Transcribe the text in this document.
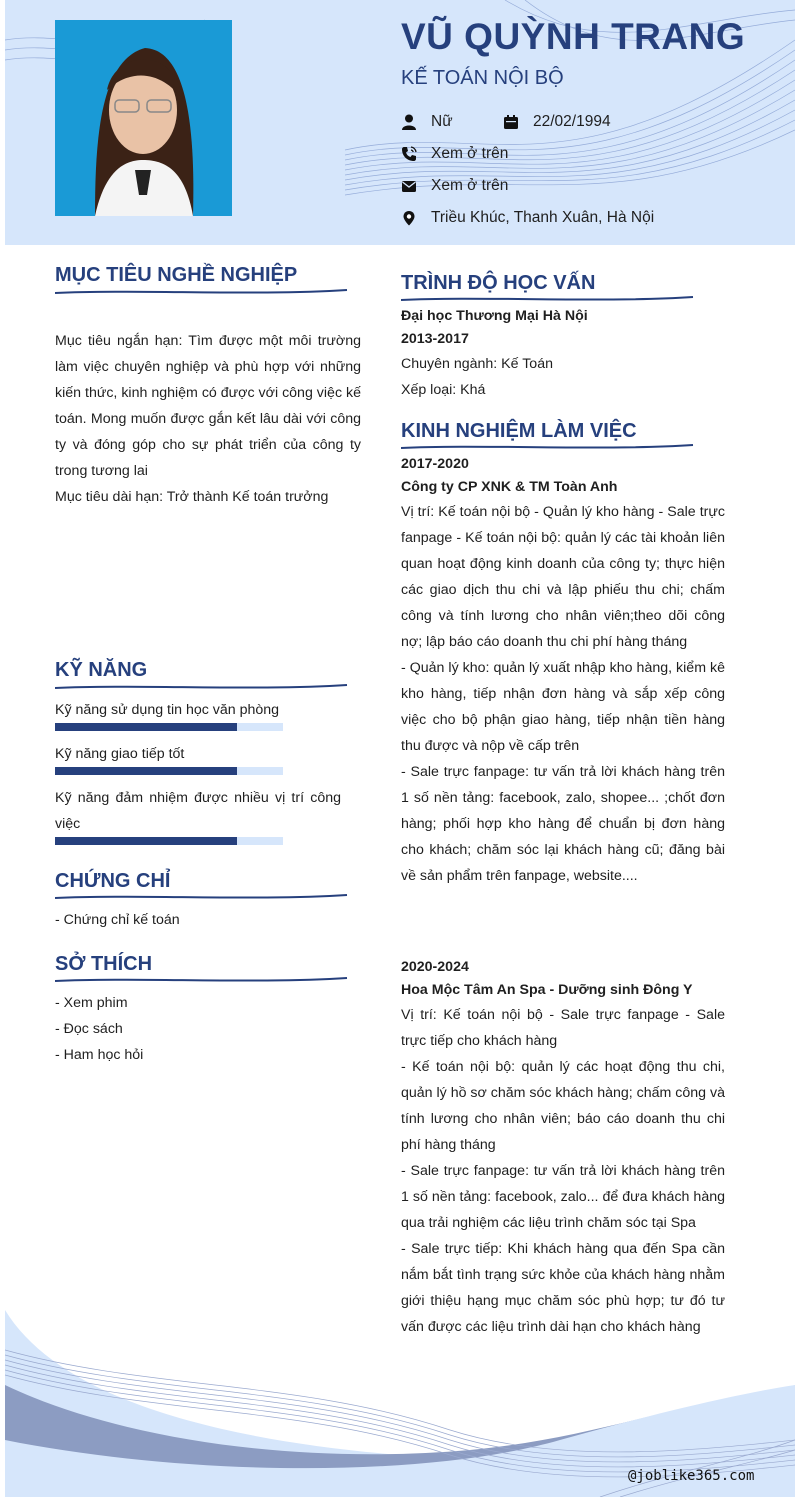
VŨ QUỲNH TRANG
KẾ TOÁN NỘI BỘ
Nữ	22/02/1994
Xem ở trên
Xem ở trên
Triều Khúc, Thanh Xuân, Hà Nội
MỤC TIÊU NGHỀ NGHIỆP
Mục tiêu ngắn hạn: Tìm được một môi trường làm việc chuyên nghiệp và phù hợp với những kiến thức, kinh nghiệm có được với công việc kế toán. Mong muốn được gắn kết lâu dài với công ty và đóng góp cho sự phát triển của công ty trong tương lai
Mục tiêu dài hạn: Trở thành Kế toán trưởng
KỸ NĂNG
Kỹ năng sử dụng tin học văn phòng
Kỹ năng giao tiếp tốt
Kỹ năng đảm nhiệm được nhiều vị trí công việc
CHỨNG CHỈ
- Chứng chỉ kế toán
SỞ THÍCH
- Xem phim
- Đọc sách
- Ham học hỏi
TRÌNH ĐỘ HỌC VẤN
Đại học Thương Mại Hà Nội
2013-2017
Chuyên ngành: Kế Toán
Xếp loại: Khá
KINH NGHIỆM LÀM VIỆC
2017-2020
Công ty CP XNK & TM Toàn Anh
Vị trí: Kế toán nội bộ - Quản lý kho hàng - Sale trực fanpage - Kế toán nội bộ: quản lý các tài khoản liên quan hoạt động kinh doanh của công ty; thực hiện các giao dịch thu chi và lập phiếu thu chi; chấm công và tính lương cho nhân viên;theo dõi công nợ; lập báo cáo doanh thu chi phí hàng tháng
- Quản lý kho: quản lý xuất nhập kho hàng, kiểm kê kho hàng, tiếp nhận đơn hàng và sắp xếp công việc cho bộ phận giao hàng, tiếp nhận tiền hàng thu được và nộp về cấp trên
- Sale trực fanpage: tư vấn trả lời khách hàng trên 1 số nền tảng: facebook, zalo, shopee... ;chốt đơn hàng; phối hợp kho hàng để chuẩn bị đơn hàng cho khách; chăm sóc lại khách hàng cũ; đăng bài về sản phẩm trên fanpage, website....
2020-2024
Hoa Mộc Tâm An Spa - Dưỡng sinh Đông Y
Vị trí: Kế toán nội bộ - Sale trực fanpage - Sale trực tiếp cho khách hàng
- Kế toán nội bộ: quản lý các hoạt động thu chi, quản lý hồ sơ chăm sóc khách hàng; chấm công và tính lương cho nhân viên; báo cáo doanh thu chi phí hàng tháng
- Sale trực fanpage: tư vấn trả lời khách hàng trên 1 số nền tảng: facebook, zalo... để đưa khách hàng qua trải nghiệm các liệu trình chăm sóc tại Spa
- Sale trực tiếp: Khi khách hàng qua đến Spa cần nắm bắt tình trạng sức khỏe của khách hàng nhằm giới thiệu hạng mục chăm sóc phù hợp; tư đó tư vấn được các liệu trình dài hạn cho khách hàng
@joblike365.com
